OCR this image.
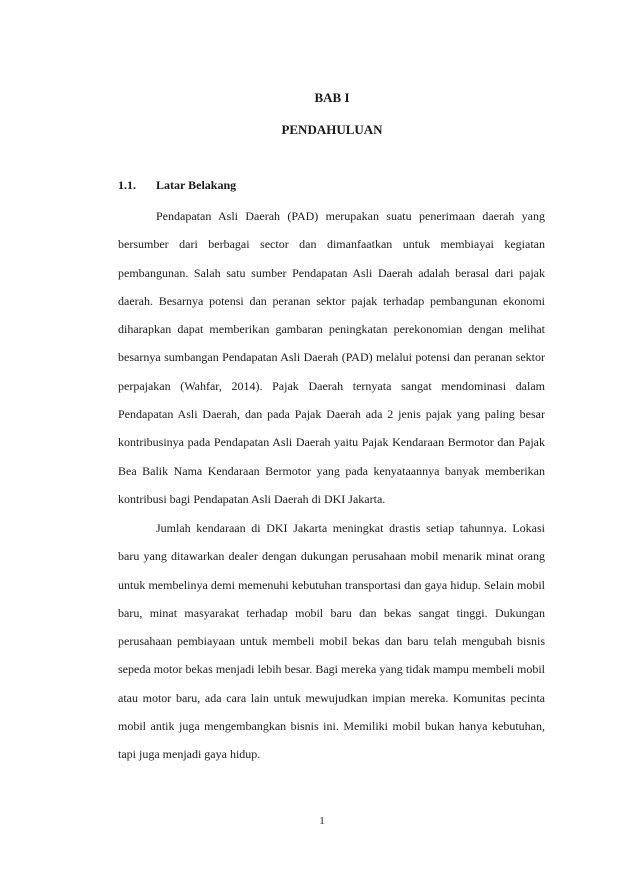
BAB I
PENDAHULUAN
1.1. Latar Belakang

Pendapatan Asli Daerah (PAD) merupakan suatu penerimaan daerah yang bersumber dari berbagai sector dan dimanfaatkan untuk membiayai kegiatan pembangunan. Salah satu sumber Pendapatan Asli Daerah adalah berasal dari pajak daerah. Besarnya potensi dan peranan sektor pajak terhadap pembangunan ekonomi diharapkan dapat memberikan gambaran peningkatan perekonomian dengan melihat besarnya sumbangan Pendapatan Asli Daerah (PAD) melalui potensi dan peranan sektor perpajakan (Wahfar, 2014). Pajak Daerah ternyata sangat mendominasi dalam Pendapatan Asli Daerah, dan pada Pajak Daerah ada 2 jenis pajak yang paling besar kontribusinya pada Pendapatan Asli Daerah yaitu Pajak Kendaraan Bermotor dan Pajak Bea Balik Nama Kendaraan Bermotor yang pada kenyataannya banyak memberikan kontribusi bagi Pendapatan Asli Daerah di DKI Jakarta.

Jumlah kendaraan di DKI Jakarta meningkat drastis setiap tahunnya. Lokasi baru yang ditawarkan dealer dengan dukungan perusahaan mobil menarik minat orang untuk membelinya demi memenuhi kebutuhan transportasi dan gaya hidup. Selain mobil baru, minat masyarakat terhadap mobil baru dan bekas sangat tinggi. Dukungan perusahaan pembiayaan untuk membeli mobil bekas dan baru telah mengubah bisnis sepeda motor bekas menjadi lebih besar. Bagi mereka yang tidak mampu membeli mobil atau motor baru, ada cara lain untuk mewujudkan impian mereka. Komunitas pecinta mobil antik juga mengembangkan bisnis ini. Memiliki mobil bukan hanya kebutuhan, tapi juga menjadi gaya hidup.

1
